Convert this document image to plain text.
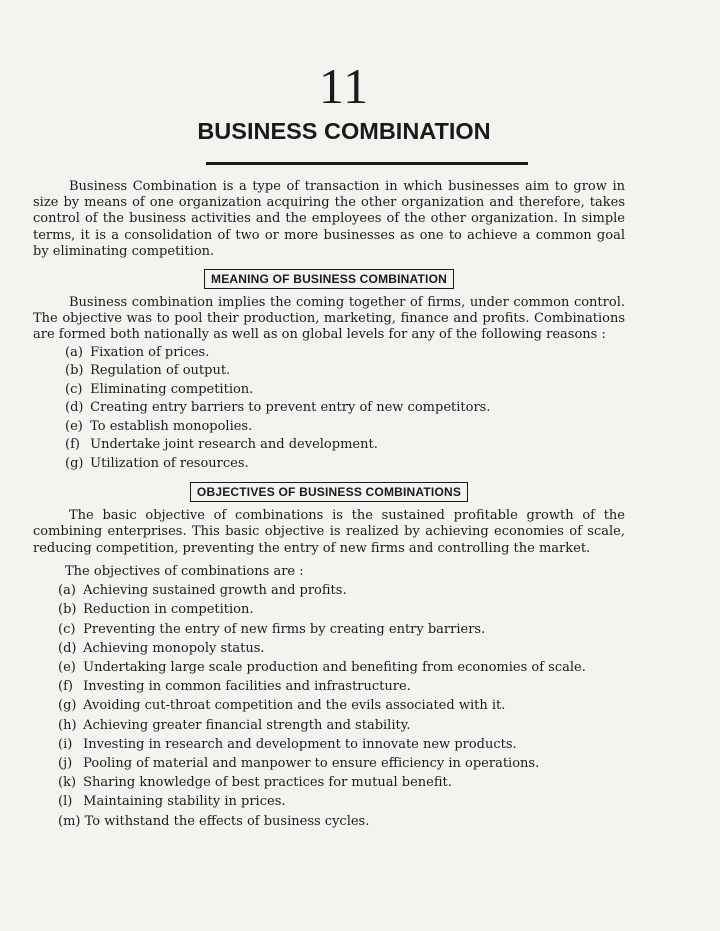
11
BUSINESS COMBINATION

Business Combination is a type of transaction in which businesses aim to grow in size by means of one organization acquiring the other organization and therefore, takes control of the business activities and the employees of the other organization. In simple terms, it is a consolidation of two or more businesses as one to achieve a common goal by eliminating competition.

MEANING OF BUSINESS COMBINATION

Business combination implies the coming together of firms, under common control. The objective was to pool their production, marketing, finance and profits. Combinations are formed both nationally as well as on global levels for any of the following reasons :

(a) Fixation of prices.
(b) Regulation of output.
(c) Eliminating competition.
(d) Creating entry barriers to prevent entry of new competitors.
(e) To establish monopolies.
(f) Undertake joint research and development.
(g) Utilization of resources.
OBJECTIVES OF BUSINESS COMBINATIONS

The basic objective of combinations is the sustained profitable growth of the combining enterprises. This basic objective is realized by achieving economies of scale, reducing competition, preventing the entry of new firms and controlling the market.

The objectives of combinations are :
(a) Achieving sustained growth and profits.
(b) Reduction in competition.
(c) Preventing the entry of new firms by creating entry barriers.
(d) Achieving monopoly status.
(e) Undertaking large scale production and benefiting from economies of scale.
(f) Investing in common facilities and infrastructure.
(g) Avoiding cut-throat competition and the evils associated with it.
(h) Achieving greater financial strength and stability.
(i) Investing in research and development to innovate new products.
(j) Pooling of material and manpower to ensure efficiency in operations.
(k) Sharing knowledge of best practices for mutual benefit.
(l) Maintaining stability in prices.
(m) To withstand the effects of business cycles.
